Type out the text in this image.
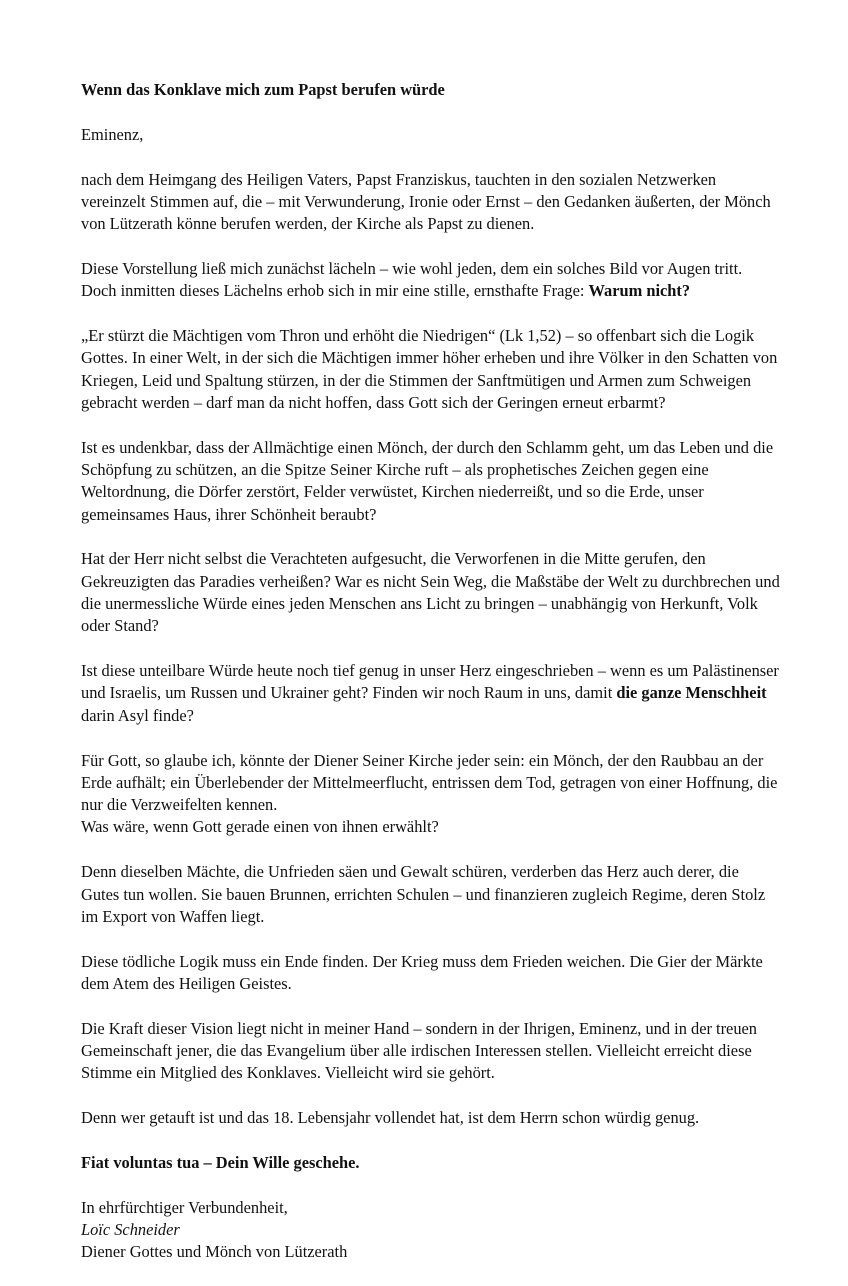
Wenn das Konklave mich zum Papst berufen würde

Eminenz,

nach dem Heimgang des Heiligen Vaters, Papst Franziskus, tauchten in den sozialen Netzwerken vereinzelt Stimmen auf, die – mit Verwunderung, Ironie oder Ernst – den Gedanken äußerten, der Mönch von Lützerath könne berufen werden, der Kirche als Papst zu dienen.

Diese Vorstellung ließ mich zunächst lächeln – wie wohl jeden, dem ein solches Bild vor Augen tritt. Doch inmitten dieses Lächelns erhob sich in mir eine stille, ernsthafte Frage: Warum nicht?

„Er stürzt die Mächtigen vom Thron und erhöht die Niedrigen“ (Lk 1,52) – so offenbart sich die Logik Gottes. In einer Welt, in der sich die Mächtigen immer höher erheben und ihre Völker in den Schatten von Kriegen, Leid und Spaltung stürzen, in der die Stimmen der Sanftmütigen und Armen zum Schweigen gebracht werden – darf man da nicht hoffen, dass Gott sich der Geringen erneut erbarmt?

Ist es undenkbar, dass der Allmächtige einen Mönch, der durch den Schlamm geht, um das Leben und die Schöpfung zu schützen, an die Spitze Seiner Kirche ruft – als prophetisches Zeichen gegen eine Weltordnung, die Dörfer zerstört, Felder verwüstet, Kirchen niederreißt, und so die Erde, unser gemeinsames Haus, ihrer Schönheit beraubt?

Hat der Herr nicht selbst die Verachteten aufgesucht, die Verworfenen in die Mitte gerufen, den Gekreuzigten das Paradies verheißen? War es nicht Sein Weg, die Maßstäbe der Welt zu durchbrechen und die unermessliche Würde eines jeden Menschen ans Licht zu bringen – unabhängig von Herkunft, Volk oder Stand?

Ist diese unteilbare Würde heute noch tief genug in unser Herz eingeschrieben – wenn es um Palästinenser und Israelis, um Russen und Ukrainer geht? Finden wir noch Raum in uns, damit die ganze Menschheit darin Asyl finde?

Für Gott, so glaube ich, könnte der Diener Seiner Kirche jeder sein: ein Mönch, der den Raubbau an der Erde aufhält; ein Überlebender der Mittelmeerflucht, entrissen dem Tod, getragen von einer Hoffnung, die nur die Verzweifelten kennen.
Was wäre, wenn Gott gerade einen von ihnen erwählt?

Denn dieselben Mächte, die Unfrieden säen und Gewalt schüren, verderben das Herz auch derer, die Gutes tun wollen. Sie bauen Brunnen, errichten Schulen – und finanzieren zugleich Regime, deren Stolz im Export von Waffen liegt.

Diese tödliche Logik muss ein Ende finden. Der Krieg muss dem Frieden weichen. Die Gier der Märkte dem Atem des Heiligen Geistes.

Die Kraft dieser Vision liegt nicht in meiner Hand – sondern in der Ihrigen, Eminenz, und in der treuen Gemeinschaft jener, die das Evangelium über alle irdischen Interessen stellen. Vielleicht erreicht diese Stimme ein Mitglied des Konklaves. Vielleicht wird sie gehört.

Denn wer getauft ist und das 18. Lebensjahr vollendet hat, ist dem Herrn schon würdig genug.

Fiat voluntas tua – Dein Wille geschehe.

In ehrfürchtiger Verbundenheit,
Loïc Schneider
Diener Gottes und Mönch von Lützerath
